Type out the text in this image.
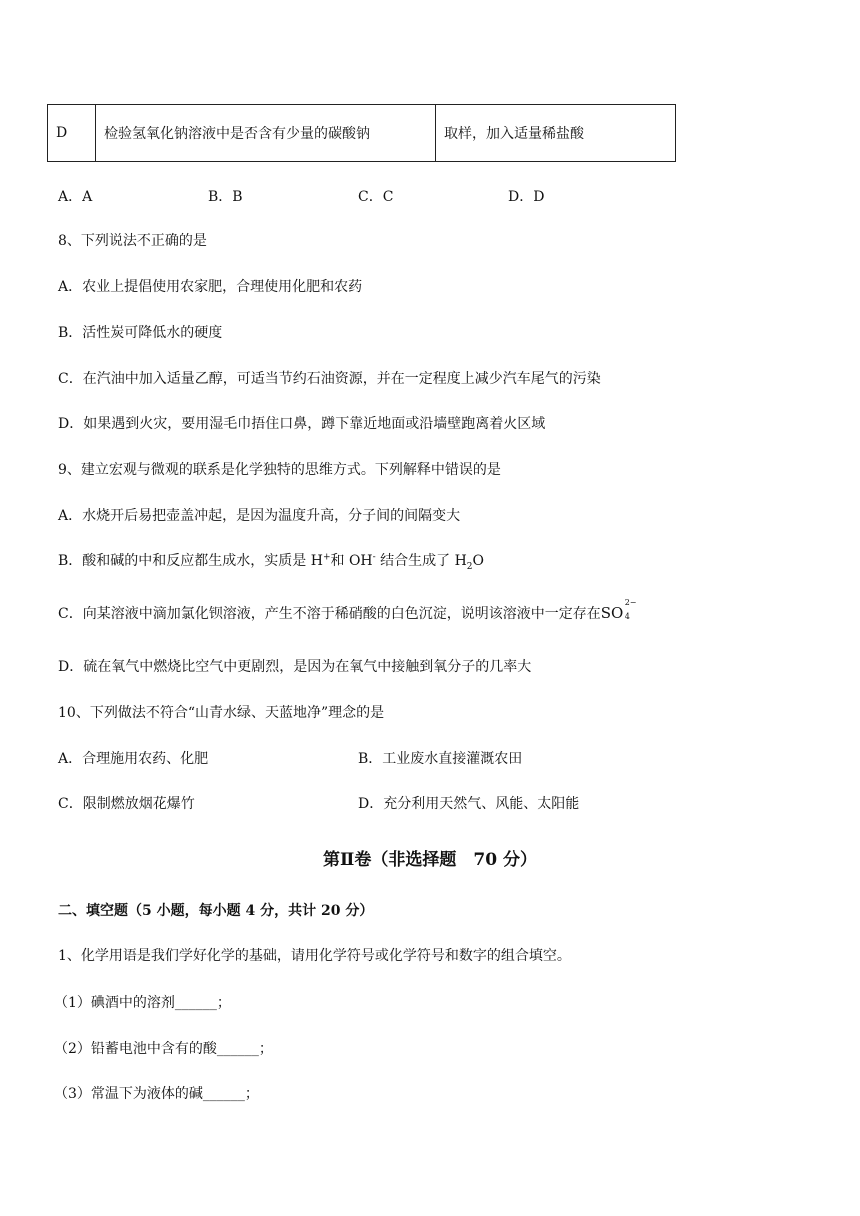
D	检验氢氧化钠溶液中是否含有少量的碳酸钠	取样，加入适量稀盐酸
A．A	B．B	C．C	D．D
8、下列说法不正确的是
A．农业上提倡使用农家肥，合理使用化肥和农药
B．活性炭可降低水的硬度
C．在汽油中加入适量乙醇，可适当节约石油资源，并在一定程度上减少汽车尾气的污染
D．如果遇到火灾，要用湿毛巾捂住口鼻，蹲下靠近地面或沿墙壁跑离着火区域
9、建立宏观与微观的联系是化学独特的思维方式。下列解释中错误的是
A．水烧开后易把壶盖冲起，是因为温度升高，分子间的间隔变大
B．酸和碱的中和反应都生成水，实质是 H+和 OH- 结合生成了 $H_2O$
C．向某溶液中滴加氯化钡溶液，产生不溶于稀硝酸的白色沉淀，说明该溶液中一定存在SO
2−
4
D．硫在氧气中燃烧比空气中更剧烈，是因为在氧气中接触到氧分子的几率大
10、下列做法不符合“山青水绿、天蓝地净”理念的是
A．合理施用农药、化肥	B．工业废水直接灌溉农田
C．限制燃放烟花爆竹	D．充分利用天然气、风能、太阳能
第Ⅱ卷（非选择题　70 分）
二、填空题（5 小题，每小题 4 分，共计 20 分）
1、化学用语是我们学好化学的基础，请用化学符号或化学符号和数字的组合填空。
（1）碘酒中的溶剂______；
（2）铅蓄电池中含有的酸______；
（3）常温下为液体的碱______；
